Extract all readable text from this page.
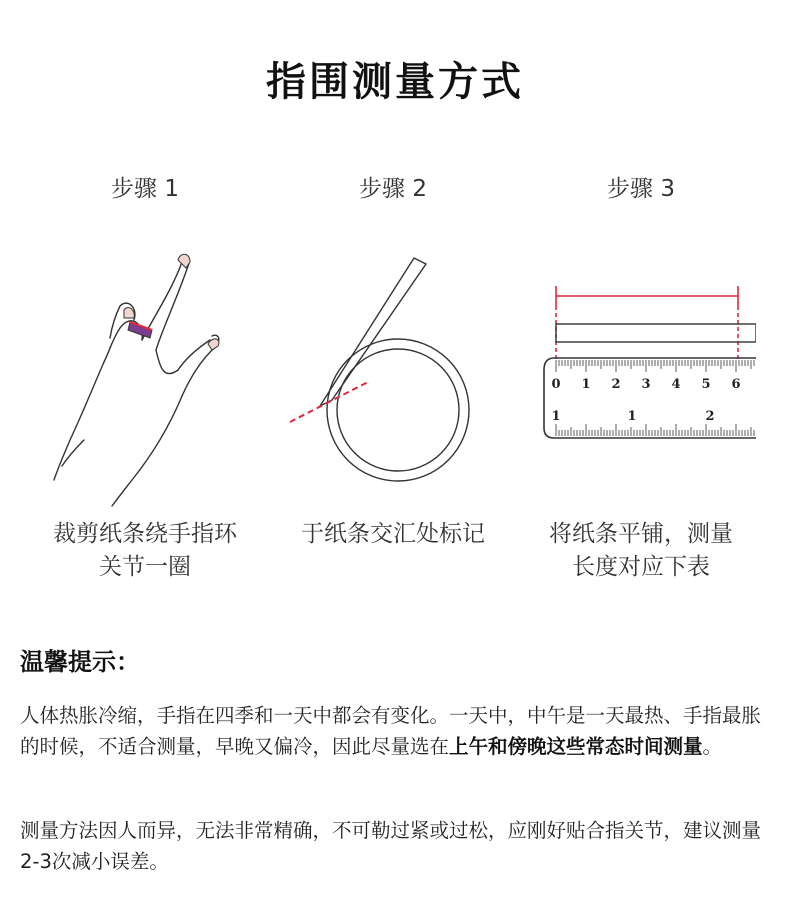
指围测量方式
步骤 1	步骤 2	步骤 3
0 1 2 3 4 5 6
1	1	2
裁剪纸条绕手指环
关节一圈
于纸条交汇处标记	将纸条平铺，测量
长度对应下表
温馨提示：
人体热胀冷缩，手指在四季和一天中都会有变化。一天中，中午是一天最热、手指最胀的时候，不适合测量，早晚又偏冷，因此尽量选在上午和傍晚这些常态时间测量。
测量方法因人而异，无法非常精确，不可勒过紧或过松，应刚好贴合指关节，建议测量2-3次减小误差。
